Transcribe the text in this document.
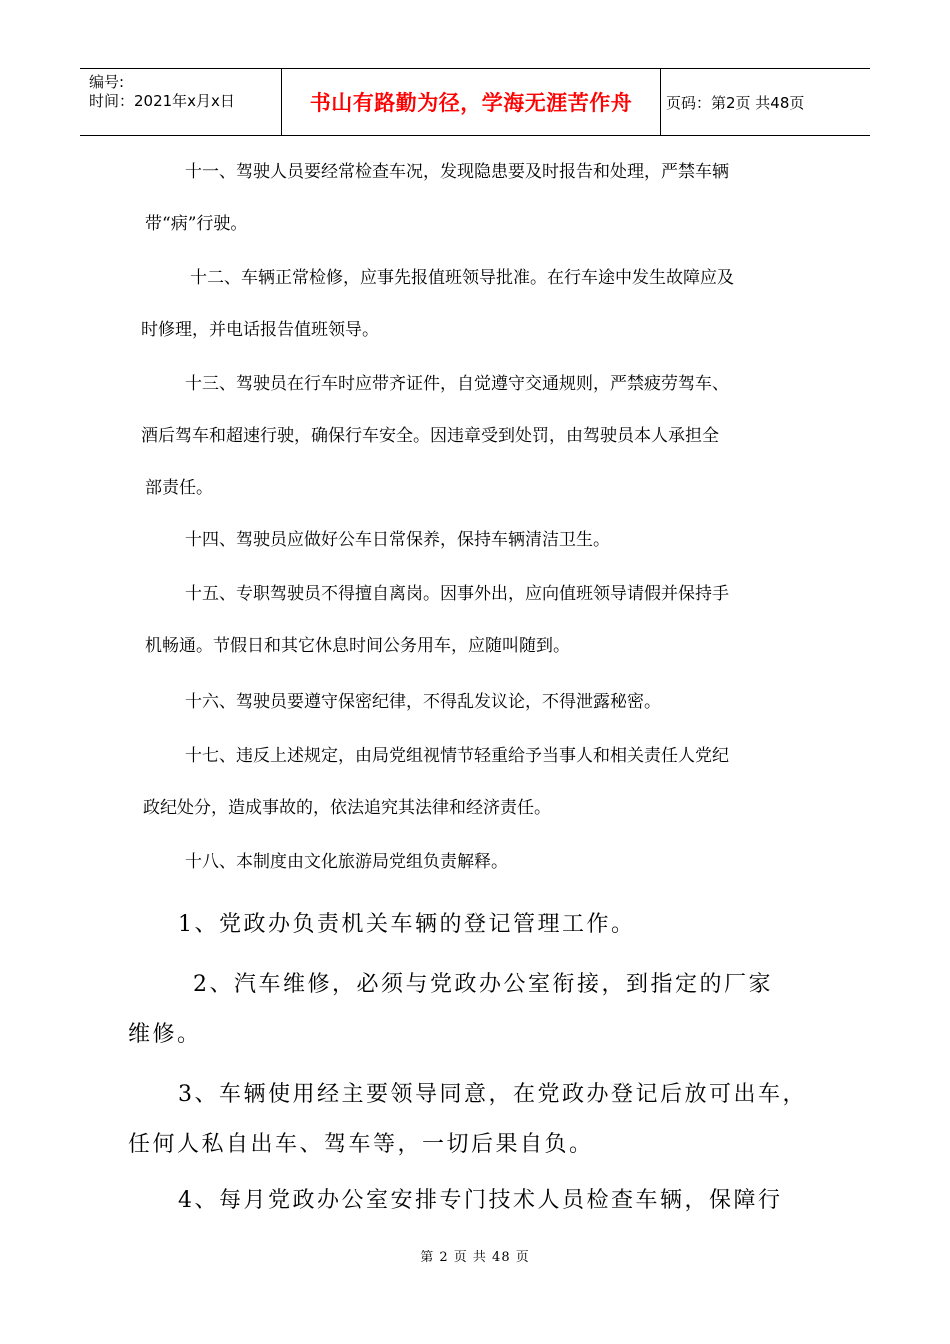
编号:
时间：2021年x月x日	书山有路勤为径，学海无涯苦作舟	页码：第2页 共48页
十一、驾驶人员要经常检查车况，发现隐患要及时报告和处理，严禁车辆
带“病”行驶。
十二、车辆正常检修，应事先报值班领导批准。在行车途中发生故障应及
时修理，并电话报告值班领导。
十三、驾驶员在行车时应带齐证件，自觉遵守交通规则，严禁疲劳驾车、
酒后驾车和超速行驶，确保行车安全。因违章受到处罚，由驾驶员本人承担全
部责任。
十四、驾驶员应做好公车日常保养，保持车辆清洁卫生。
十五、专职驾驶员不得擅自离岗。因事外出，应向值班领导请假并保持手
机畅通。节假日和其它休息时间公务用车，应随叫随到。
十六、驾驶员要遵守保密纪律，不得乱发议论，不得泄露秘密。
十七、违反上述规定，由局党组视情节轻重给予当事人和相关责任人党纪
政纪处分，造成事故的，依法追究其法律和经济责任。
十八、本制度由文化旅游局党组负责解释。
1、党政办负责机关车辆的登记管理工作。
2、汽车维修，必须与党政办公室衔接，到指定的厂家
维修。
3、车辆使用经主要领导同意，在党政办登记后放可出车，
任何人私自出车、驾车等，一切后果自负。
4、每月党政办公室安排专门技术人员检查车辆，保障行
第 2 页 共 48 页
